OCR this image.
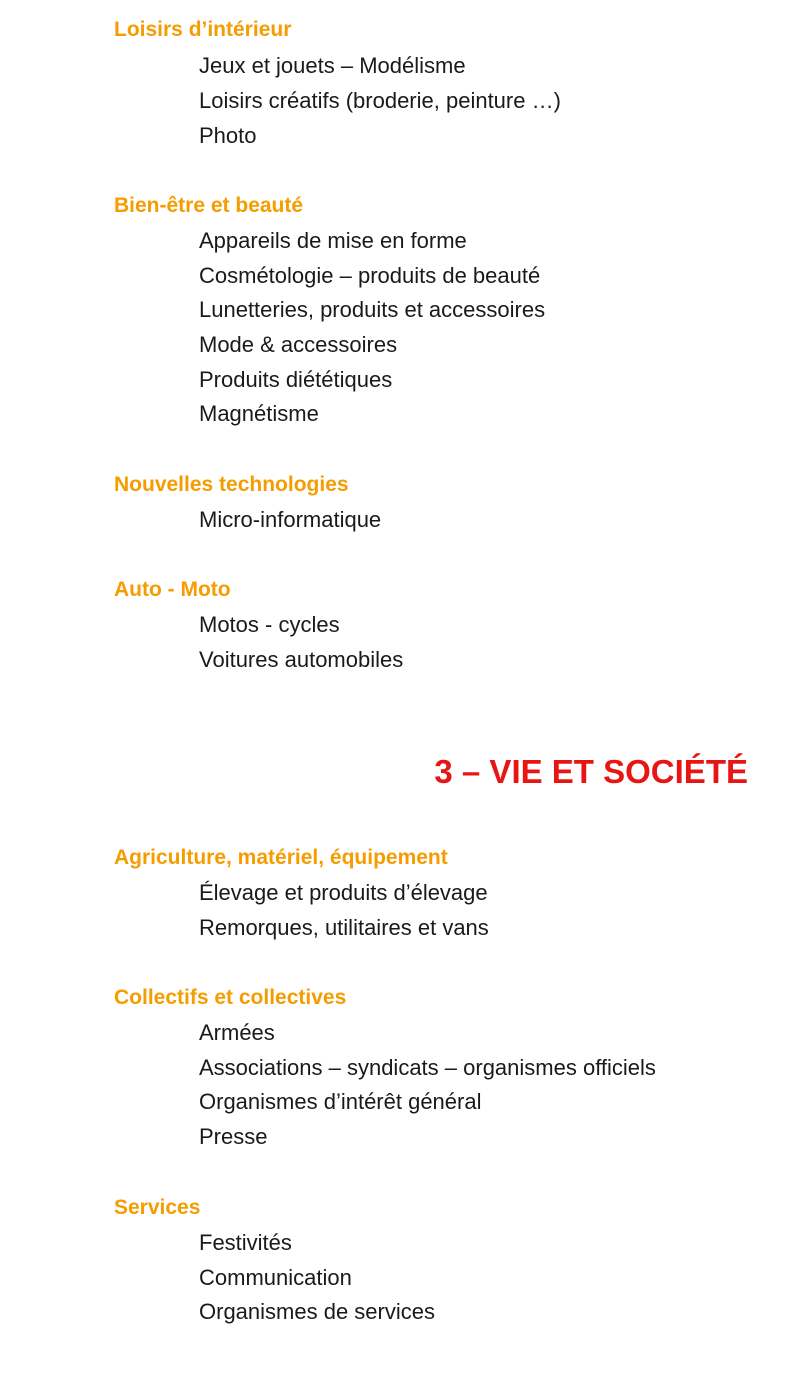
Loisirs d’intérieur
Jeux et jouets – Modélisme
Loisirs créatifs (broderie, peinture …)
Photo
Bien-être et beauté
Appareils de mise en forme
Cosmétologie – produits de beauté
Lunetteries, produits et accessoires
Mode & accessoires
Produits diététiques
Magnétisme
Nouvelles technologies
Micro-informatique
Auto - Moto
Motos - cycles
Voitures automobiles
3 – VIE ET SOCIÉTÉ
Agriculture, matériel, équipement
Élevage et produits d’élevage
Remorques, utilitaires et vans
Collectifs et collectives
Armées
Associations – syndicats – organismes officiels
Organismes d’intérêt général
Presse
Services
Festivités
Communication
Organismes de services
